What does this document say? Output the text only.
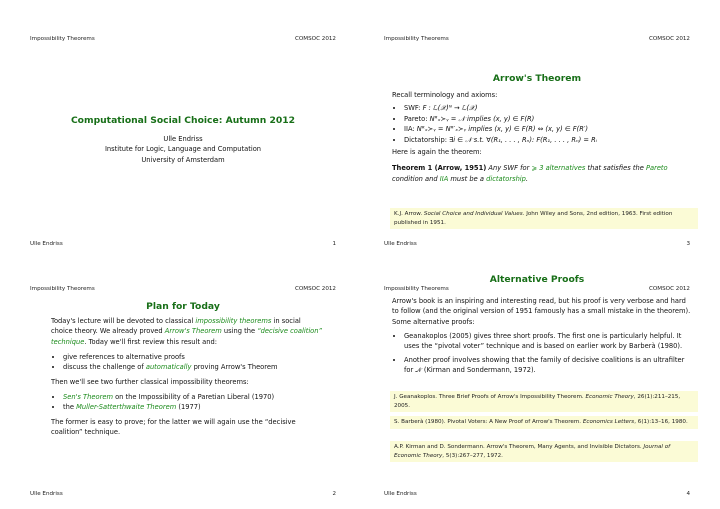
Impossibility Theorems	COMSOC 2012
Computational Social Choice: Autumn 2012
Ulle Endriss
Institute for Logic, Language and Computation
University of Amsterdam
Ulle Endriss	1
Impossibility Theorems	COMSOC 2012
Plan for Today
Today's lecture will be devoted to classical impossibility theorems in social choice theory. We already proved Arrow's Theorem using the “decisive coalition” technique. Today we'll first review this result and:
• give references to alternative proofs
• discuss the challenge of automatically proving Arrow's Theorem
Then we'll see two further classical impossibility theorems:
• Sen's Theorem on the Impossibility of a Paretian Liberal (1970)
• the Muller-Satterthwaite Theorem (1977)
The former is easy to prove; for the latter we will again use the “decisive coalition” technique.
Ulle Endriss	2
Impossibility Theorems	COMSOC 2012
Arrow's Theorem
Recall terminology and axioms:
• SWF: F : ℒ(𝒳)ᴺ → ℒ(𝒳)
• Pareto: Nᴿₓ≻ᵧ = 𝒩 implies (x, y) ∈ F(R)
• IIA: Nᴿₓ≻ᵧ = Nᴿ′ₓ≻ᵧ implies (x, y) ∈ F(R) ⇔ (x, y) ∈ F(R′)
• Dictatorship: ∃i ∈ 𝒩 s.t. ∀(R₁, . . . , Rₙ): F(R₁, . . . , Rₙ) = Rᵢ
Here is again the theorem:
Theorem 1 (Arrow, 1951) Any SWF for ⩾ 3 alternatives that satisfies the Pareto condition and IIA must be a dictatorship.
K.J. Arrow. Social Choice and Individual Values. John Wiley and Sons, 2nd edition, 1963. First edition published in 1951.
Ulle Endriss	3
Impossibility Theorems	COMSOC 2012
Alternative Proofs
Arrow's book is an inspiring and interesting read, but his proof is very verbose and hard to follow (and the original version of 1951 famously has a small mistake in the theorem). Some alternative proofs:
• Geanakoplos (2005) gives three short proofs. The first one is particularly helpful. It uses the “pivotal voter” technique and is based on earlier work by Barberà (1980).
• Another proof involves showing that the family of decisive coalitions is an ultrafilter for 𝒩 (Kirman and Sondermann, 1972).
J. Geanakoplos. Three Brief Proofs of Arrow's Impossibility Theorem. Economic Theory, 26(1):211–215, 2005.
S. Barberà (1980). Pivotal Voters: A New Proof of Arrow's Theorem. Economics Letters, 6(1):13–16, 1980.
A.P. Kirman and D. Sondermann. Arrow's Theorem, Many Agents, and Invisible Dictators. Journal of Economic Theory, 5(3):267–277, 1972.
Ulle Endriss	4
